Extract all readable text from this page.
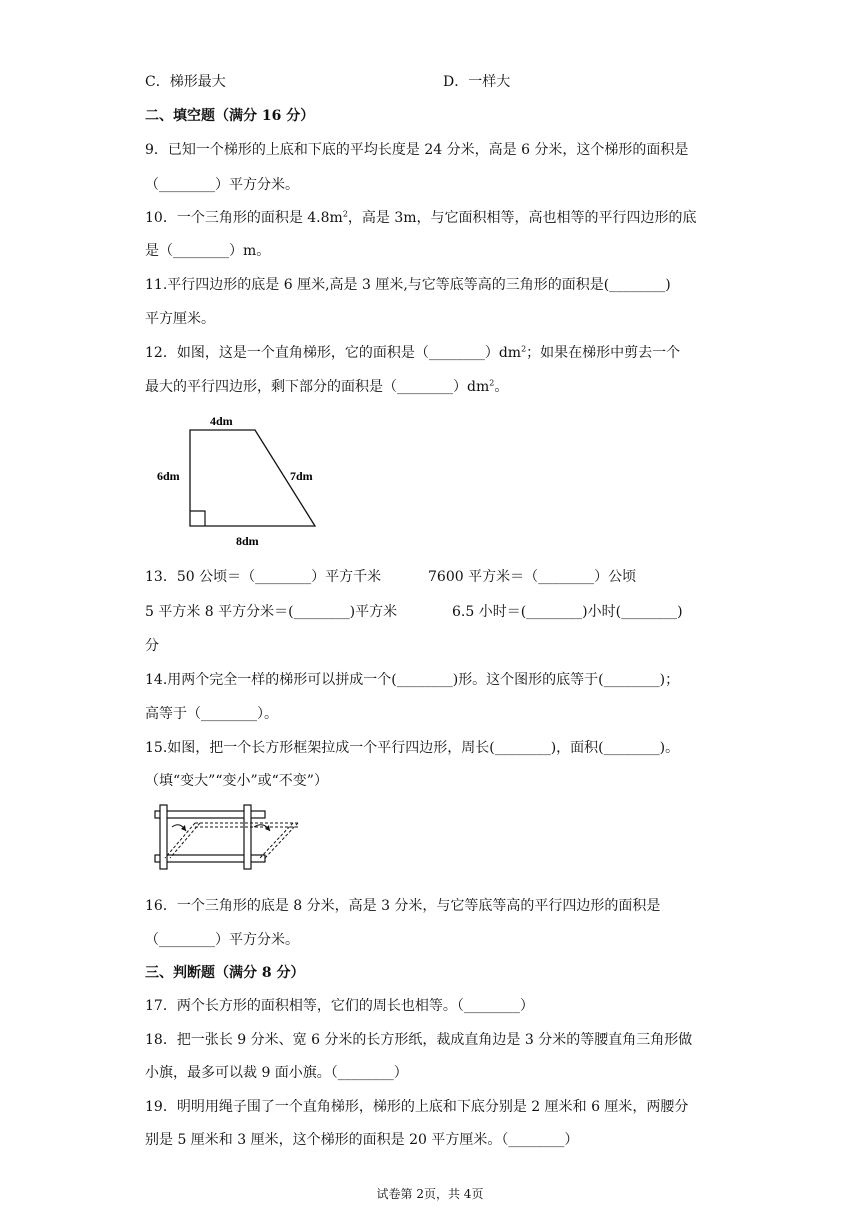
C．梯形最大	D．一样大
二、填空题（满分 16 分）
9．已知一个梯形的上底和下底的平均长度是 24 分米，高是 6 分米，这个梯形的面积是
（________）平方分米。
10．一个三角形的面积是 $4.8m^2$，高是 3m，与它面积相等，高也相等的平行四边形的底
是（________）m。
11.平行四边形的底是 6 厘米,高是 3 厘米,与它等底等高的三角形的面积是(________)
平方厘米。
12．如图，这是一个直角梯形，它的面积是$(\_\_\_\_\_\_\_\_)dm^2$；如果在梯形中剪去一个
最大的平行四边形，剩下部分的面积是$(\_\_\_\_\_\_\_\_)dm^2$。
4dm
6dm	7dm
8dm
13．50 公顷＝（________）平方千米	7600 平方米＝（________）公顷
5 平方米 8 平方分米＝(________)平方米	6.5 小时＝(________)小时(________)
分
14.用两个完全一样的梯形可以拼成一个(________)形。这个图形的底等于(________)；
高等于（________）。
15.如图，把一个长方形框架拉成一个平行四边形，周长(________)，面积(________)。
（填“变大”“变小”或“不变”）
16．一个三角形的底是 8 分米，高是 3 分米，与它等底等高的平行四边形的面积是
（________）平方分米。
三、判断题（满分 8 分）
17．两个长方形的面积相等，它们的周长也相等。（________）
18．把一张长 9 分米、宽 6 分米的长方形纸，裁成直角边是 3 分米的等腰直角三角形做
小旗，最多可以裁 9 面小旗。（________）
19．明明用绳子围了一个直角梯形，梯形的上底和下底分别是 2 厘米和 6 厘米，两腰分
别是 5 厘米和 3 厘米，这个梯形的面积是 20 平方厘米。（________）
试卷第 2页，共 4页
